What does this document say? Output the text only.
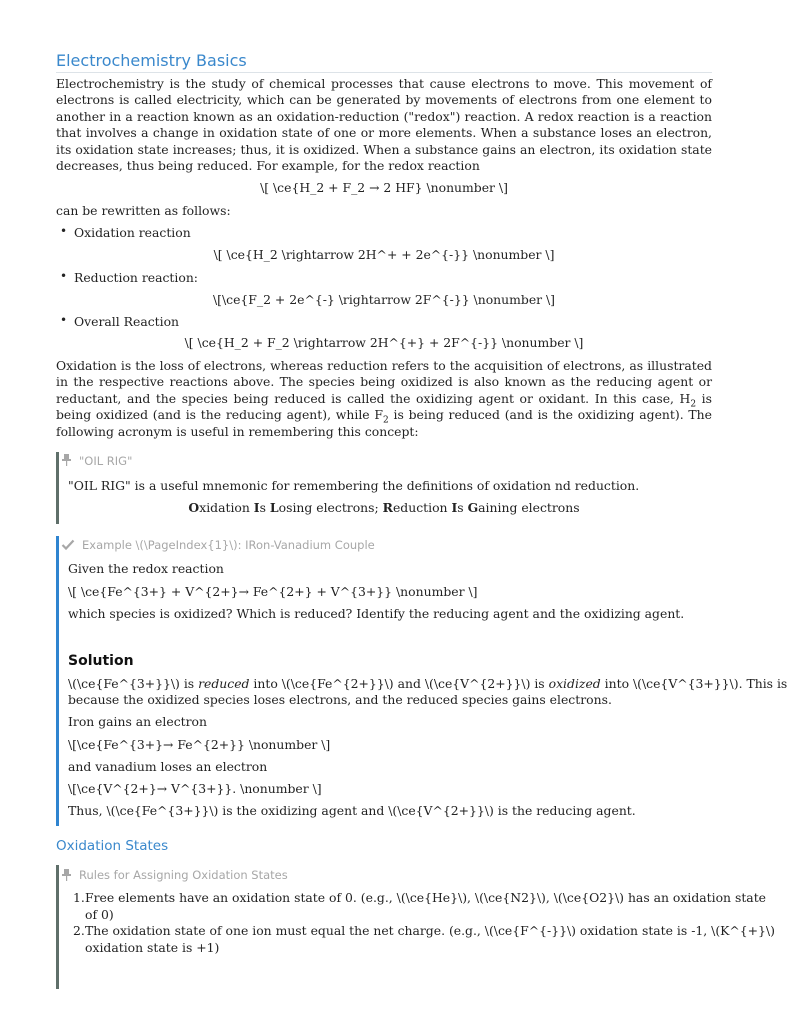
Electrochemistry Basics

Electrochemistry is the study of chemical processes that cause electrons to move. This movement of electrons is called electricity, which can be generated by movements of electrons from one element to another in a reaction known as an oxidation-reduction ("redox") reaction. A redox reaction is a reaction that involves a change in oxidation state of one or more elements. When a substance loses an electron, its oxidation state increases; thus, it is oxidized. When a substance gains an electron, its oxidation state decreases, thus being reduced. For example, for the redox reaction

\[ \ce{H_2 + F_2 → 2 HF} \nonumber \]
can be rewritten as follows:
• Oxidation reaction
\[ \ce{H_2 \rightarrow 2H^+ + 2e^{-}} \nonumber \]
• Reduction reaction:
\[\ce{F_2 + 2e^{-} \rightarrow 2F^{-}} \nonumber \]
• Overall Reaction
\[ \ce{H_2 + F_2 \rightarrow 2H^{+} + 2F^{-}} \nonumber \]

Oxidation is the loss of electrons, whereas reduction refers to the acquisition of electrons, as illustrated in the respective reactions above. The species being oxidized is also known as the reducing agent or reductant, and the species being reduced is called the oxidizing agent or oxidant. In this case, $H_2$ is being oxidized (and is the reducing agent), while $F_2$ is being reduced (and is the oxidizing agent). The following acronym is useful in remembering this concept:

"OIL RIG"
"OIL RIG" is a useful mnemonic for remembering the definitions of oxidation nd reduction.
Oxidation Is Losing electrons; Reduction Is Gaining electrons
Example \(\PageIndex{1}\): IRon-Vanadium Couple
Given the redox reaction
\[ \ce{Fe^{3+} + V^{2+}→ Fe^{2+} + V^{3+}} \nonumber \]
which species is oxidized? Which is reduced? Identify the reducing agent and the oxidizing agent.
Solution
\(\ce{Fe^{3+}}\) is reduced into \(\ce{Fe^{2+}}\) and \(\ce{V^{2+}}\) is oxidized into \(\ce{V^{3+}}\). This is
because the oxidized species loses electrons, and the reduced species gains electrons.
Iron gains an electron
\[\ce{Fe^{3+}→ Fe^{2+}} \nonumber \]
and vanadium loses an electron
\[\ce{V^{2+}→ V^{3+}}. \nonumber \]
Thus, \(\ce{Fe^{3+}}\) is the oxidizing agent and \(\ce{V^{2+}}\) is the reducing agent.
Oxidation States
Rules for Assigning Oxidation States
1. Free elements have an oxidation state of 0. (e.g., \(\ce{He}\), \(\ce{N2}\), \(\ce{O2}\) has an oxidation state
of 0)
2. The oxidation state of one ion must equal the net charge. (e.g., \(\ce{F^{-}}\) oxidation state is -1, \(K^{+}\)
oxidation state is +1)
